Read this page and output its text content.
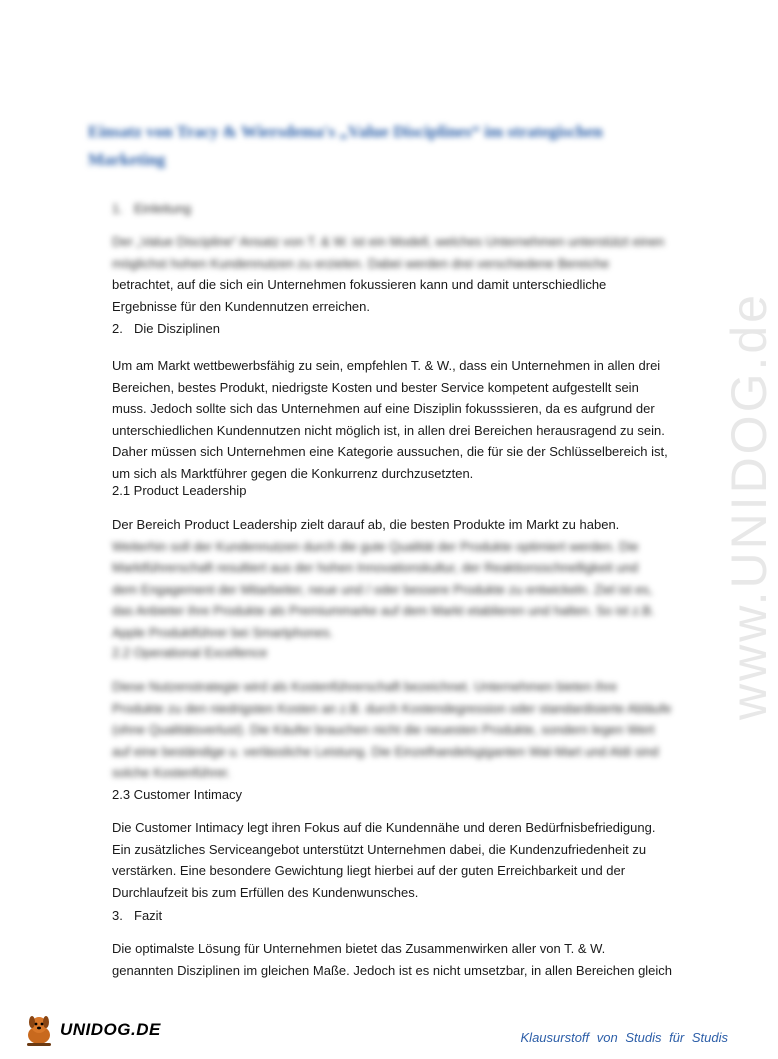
www.UNIDOG.de
Einsatz von Tracy & Wiersdema's „Value Disciplines“ im strategischen Marketing
1. Einleitung
Der „Value Discipline“ Ansatz von T. & W. ist ein Modell, welches Unternehmen unterstützt einen
möglichst hohen Kundennutzen zu erzielen. Dabei werden drei verschiedene Bereiche
betrachtet, auf die sich ein Unternehmen fokussieren kann und damit unterschiedliche
Ergebnisse für den Kundennutzen erreichen.
2. Die Disziplinen
Um am Markt wettbewerbsfähig zu sein, empfehlen T. & W., dass ein Unternehmen in allen drei
Bereichen, bestes Produkt, niedrigste Kosten und bester Service kompetent aufgestellt sein
muss. Jedoch sollte sich das Unternehmen auf eine Disziplin fokusssieren, da es aufgrund der
unterschiedlichen Kundennutzen nicht möglich ist, in allen drei Bereichen herausragend zu sein.
Daher müssen sich Unternehmen eine Kategorie aussuchen, die für sie der Schlüsselbereich ist,
um sich als Marktführer gegen die Konkurrenz durchzusetzten.
2.1 Product Leadership
Der Bereich Product Leadership zielt darauf ab, die besten Produkte im Markt zu haben.
Weiterhin soll der Kundennutzen durch die gute Qualität der Produkte optimiert werden. Die
Marktführerschaft resultiert aus der hohen Innovationskultur, der Reaktionsschnelligkeit und
dem Engagement der Mitarbeiter, neue und / oder bessere Produkte zu entwickeln. Ziel ist es,
das Anbieter ihre Produkte als Premiummarke auf dem Markt etablieren und halten. So ist z.B.
Apple Produktführer bei Smartphones.
2.2 Operational Excellence
Diese Nutzenstrategie wird als Kostenführerschaft bezeichnet. Unternehmen bieten ihre
Produkte zu den niedrigsten Kosten an z.B. durch Kostendegression oder standardisierte Abläufe
(ohne Qualitätsverlust). Die Käufer brauchen nicht die neuesten Produkte, sondern legen Wert
auf eine beständige u. verlässliche Leistung. Die Einzelhandelsgiganten Wal-Mart und Aldi sind
solche Kostenführer.
2.3 Customer Intimacy
Die Customer Intimacy legt ihren Fokus auf die Kundennähe und deren Bedürfnisbefriedigung.
Ein zusätzliches Serviceangebot unterstützt Unternehmen dabei, die Kundenzufriedenheit zu
verstärken. Eine besondere Gewichtung liegt hierbei auf der guten Erreichbarkeit und der
Durchlaufzeit bis zum Erfüllen des Kundenwunsches.
3. Fazit
Die optimalste Lösung für Unternehmen bietet das Zusammenwirken aller von T. & W.
genannten Disziplinen im gleichen Maße. Jedoch ist es nicht umsetzbar, in allen Bereichen gleich
UNIDOG.DE	Klausurstoff von Studis für Studis
